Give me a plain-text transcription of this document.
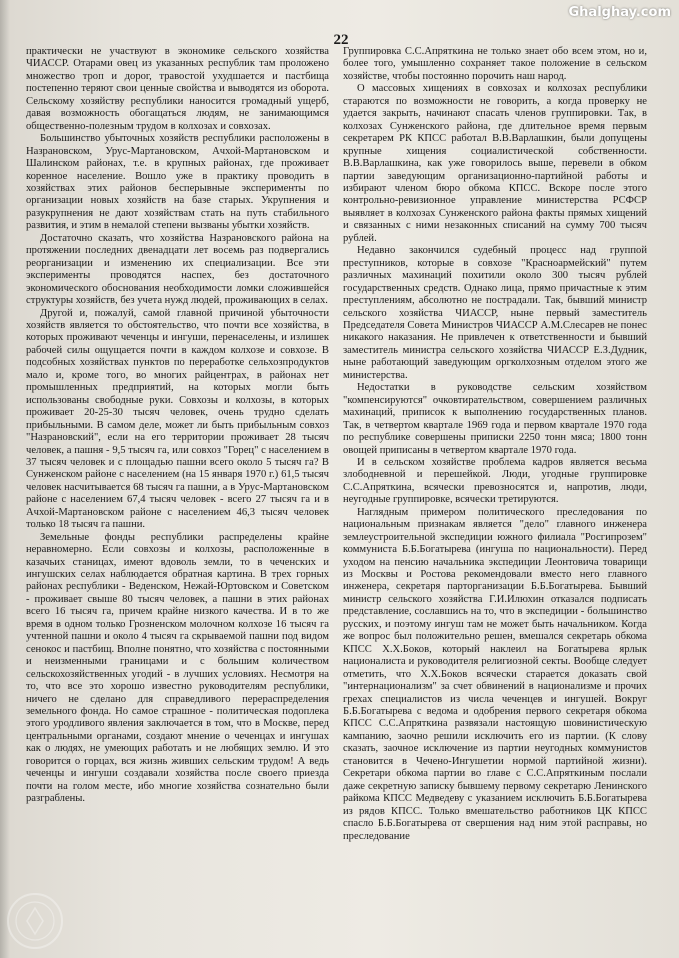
Ghalghay.com
22

практически не участвуют в экономике сельского хозяйства ЧИАССР. Отарами овец из указанных республик там проложено множество троп и дорог, травостой ухудшается и пастбища постепенно теряют свои ценные свойства и выводятся из оборота. Сельскому хозяйству республики наносится громадный ущерб, давая возможность обогащаться людям, не занимающимся общественно-полезным трудом в колхозах и совхозах.

Большинство убыточных хозяйств республики расположены в Назрановском, Урус-Мартановском, Ачхой-Мартановском и Шалинском районах, т.е. в крупных районах, где проживает коренное население. Вошло уже в практику проводить в хозяйствах этих районов бесперывные эксперименты по организации новых хозяйств на базе старых. Укрупнения и разукрупнения не дают хозяйствам стать на путь стабильного развития, и этим в немалой степени вызваны убытки хозяйств.

Достаточно сказать, что хозяйства Назрановского района на протяжении последних двенадцати лет восемь раз подвергались реорганизации и изменению их специализации. Все эти эксперименты проводятся наспех, без достаточного экономического обоснования необходимости ломки сложившейся структуры хозяйств, без учета нужд людей, проживающих в селах.

Другой и, пожалуй, самой главной причиной убыточности хозяйств является то обстоятельство, что почти все хозяйства, в которых проживают чеченцы и ингуши, перенаселены, и излишек рабочей силы ощущается почти в каждом колхозе и совхозе. В подсобных хозяйствах пунктов по переработке сельхозпродуктов мало и, кроме того, во многих райцентрах, в районах нет промышленных предприятий, на которых могли быть использованы свободные руки. Совхозы и колхозы, в которых проживает 20-25-30 тысяч человек, очень трудно сделать прибыльными. В самом деле, может ли быть прибыльным совхоз "Назрановский", если на его территории проживает 28 тысяч человек, а пашня - 9,5 тысяч га, или совхоз "Горец" с населением в 37 тысяч человек и с площадью пашни всего около 5 тысяч га? В Сунженском районе с населением (на 15 января 1970 г.) 61,5 тысяч человек насчитывается 68 тысяч га пашни, а в Урус-Мартановском районе с населением 67,4 тысяч человек - всего 27 тысяч га и в Ачхой-Мартановском районе с населением 46,3 тысяч человек только 18 тысяч га пашни.

Земельные фонды республики распределены крайне неравномерно. Если совхозы и колхозы, расположенные в казачьих станицах, имеют вдоволь земли, то в чеченских и ингушских селах наблюдается обратная картина. В трех горных районах республики - Веденском, Нежай-Юртовском и Советском - проживает свыше 80 тысяч человек, а пашни в этих районах всего 16 тысяч га, причем крайне низкого качества. И в то же время в одном только Грозненском молочном колхозе 16 тысяч га учтенной пашни и около 4 тысяч га скрываемой пашни под видом сенокос и пастбищ. Вполне понятно, что хозяйства с постоянными и неизменными границами и с большим количеством сельскохозяйственных угодий - в лучших условиях. Несмотря на то, что все это хорошо известно руководителям республики, ничего не сделано для справедливого перераспределения земельного фонда. Но самое страшное - политическая подоплека этого уродливого явления заключается в том, что в Москве, перед центральными органами, создают мнение о чеченцах и ингушах как о людях, не умеющих работать и не любящих землю. И это говорится о горцах, вся жизнь живших сельским трудом! А ведь чеченцы и ингуши создавали хозяйства после своего приезда почти на голом месте, ибо многие хозяйства сознательно были разграблены.

Группировка С.С.Апряткина не только знает обо всем этом, но и, более того, умышленно сохраняет такое положение в сельском хозяйстве, чтобы постоянно порочить наш народ.

О массовых хищениях в совхозах и колхозах республики стараются по возможности не говорить, а когда проверку не удается закрыть, начинают спасать членов группировки. Так, в колхозах Сунженского района, где длительное время первым секретарем РК КПСС работал В.В.Варлашкин, были допущены крупные хищения социалистической собственности. В.В.Варлашкина, как уже говорилось выше, перевели в обком партии заведующим организационно-партийной работы и избирают членом бюро обкома КПСС. Вскоре после этого контрольно-ревизионное управление министерства РСФСР выявляет в колхозах Сунженского района факты прямых хищений и связанных с ними незаконных списаний на сумму 700 тысяч рублей.

Недавно закончился судебный процесс над группой преступников, которые в совхозе "Красноармейский" путем различных махинаций похитили около 300 тысяч рублей государственных средств. Однако лица, прямо причастные к этим преступлениям, абсолютно не пострадали. Так, бывший министр сельского хозяйства ЧИАССР, ныне первый заместитель Председателя Совета Министров ЧИАССР А.М.Слесарев не понес никакого наказания. Не привлечен к ответственности и бывший заместитель министра сельского хозяйства ЧИАССР Е.З.Дудник, ныне работающий заведующим оргколхозным отделом этого же министерства.

Недостатки в руководстве сельским хозяйством "компенсируются" очковтирательством, совершением различных махинаций, приписок к выполнению государственных планов. Так, в четвертом квартале 1969 года и первом квартале 1970 года по республике совершены приписки 2250 тонн мяса; 1800 тонн овощей приписаны в четвертом квартале 1970 года.

И в сельском хозяйстве проблема кадров является весьма злободневной и перешейкой. Люди, угодные группировке С.С.Апряткина, всячески превозносятся и, напротив, люди, неугодные группировке, всячески третируются.

Наглядным примером политического преследования по национальным признакам является "дело" главного инженера землеустроительной экспедиции южного филиала "Росгипрозем" коммуниста Б.Б.Богатырева (ингуша по национальности). Перед уходом на пенсию начальника экспедиции Леонтовича товарищи из Москвы и Ростова рекомендовали вместо него главного инженера, секретаря парторганизации Б.Б.Богатырева. Бывший министр сельского хозяйства Г.И.Илюхин отказался подписать представление, сославшись на то, что в экспедиции - большинство русских, и поэтому ингуш там не может быть начальником. Когда же вопрос был положительно решен, вмешался секретарь обкома КПСС Х.Х.Боков, который наклеил на Богатырева ярлык националиста и руководителя религиозной секты. Вообще следует отметить, что Х.Х.Боков всячески старается доказать свой "интернационализм" за счет обвинений в национализме и прочих грехах специалистов из числа чеченцев и ингушей. Вокруг Б.Б.Богатырева с ведома и одобрения первого секретаря обкома КПСС С.С.Апряткина развязали настоящую шовинистическую кампанию, заочно решили исключить его из партии. (К слову сказать, заочное исключение из партии неугодных коммунистов становится в Чечено-Ингушетии нормой партийной жизни). Секретари обкома партии во главе с С.С.Апряткиным послали даже секретную записку бывшему первому секретарю Ленинского райкома КПСС Медведеву с указанием исключить Б.Б.Богатырева из рядов КПСС. Только вмешательство работников ЦК КПСС спасло Б.Б.Богатырева от свершения над ним этой расправы, но преследование
